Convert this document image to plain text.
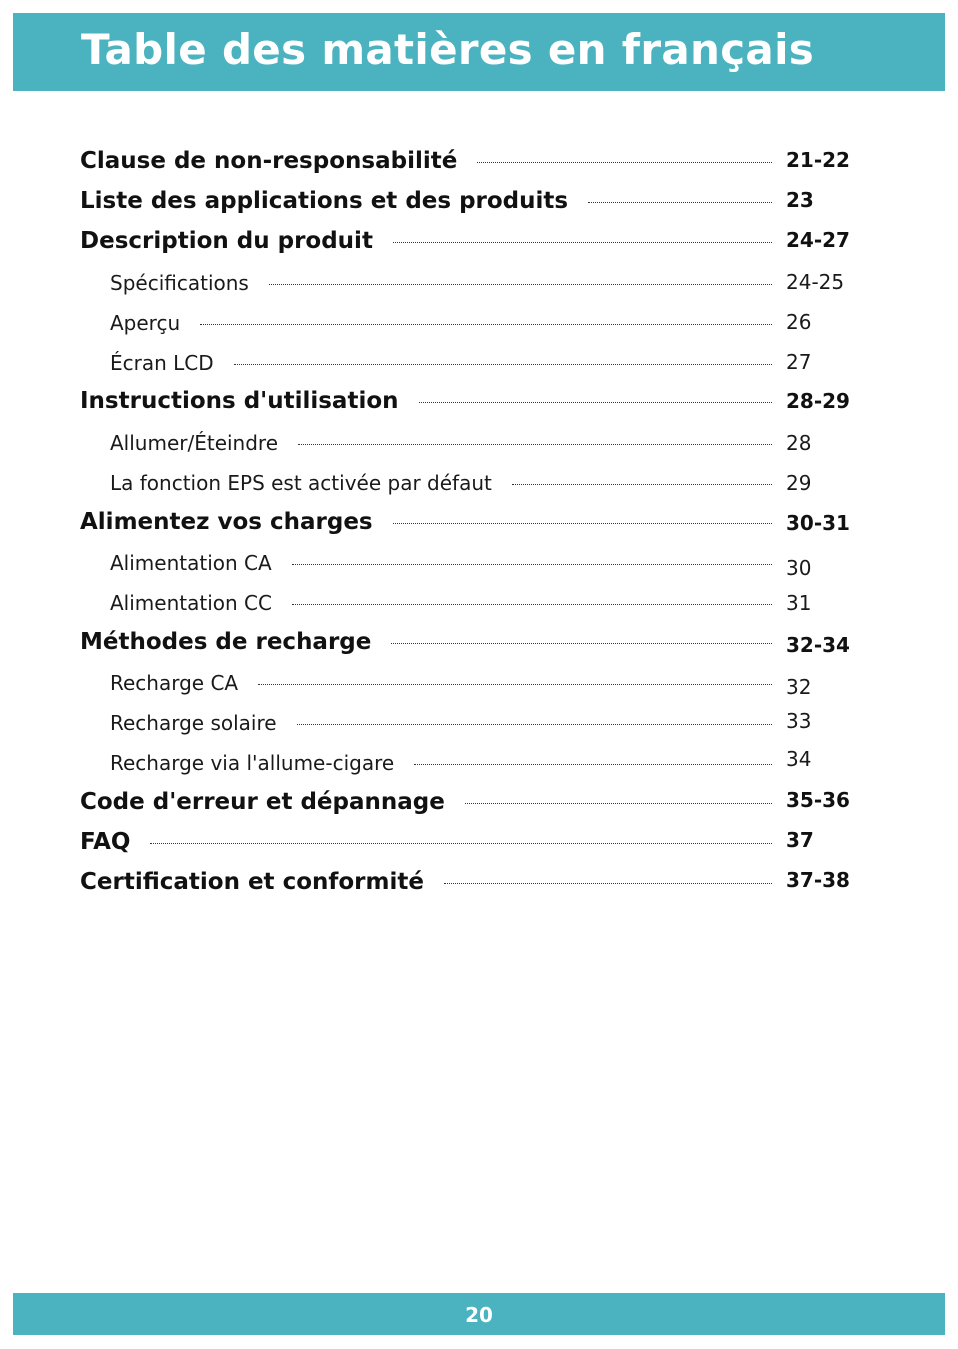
Table des matières en français
Clause de non-responsabilité	21-22
Liste des applications et des produits	23
Description du produit	24-27
Spécifications	24-25
Aperçu	26
Écran LCD	27
Instructions d'utilisation	28-29
Allumer/Éteindre	28
La fonction EPS est activée par défaut	29
Alimentez vos charges	30-31
Alimentation CA	30
Alimentation CC	31
Méthodes de recharge	32-34
Recharge CA	32
Recharge solaire	33
Recharge via l'allume-cigare	34
Code d'erreur et dépannage	35-36
FAQ	37
Certification et conformité	37-38
20
